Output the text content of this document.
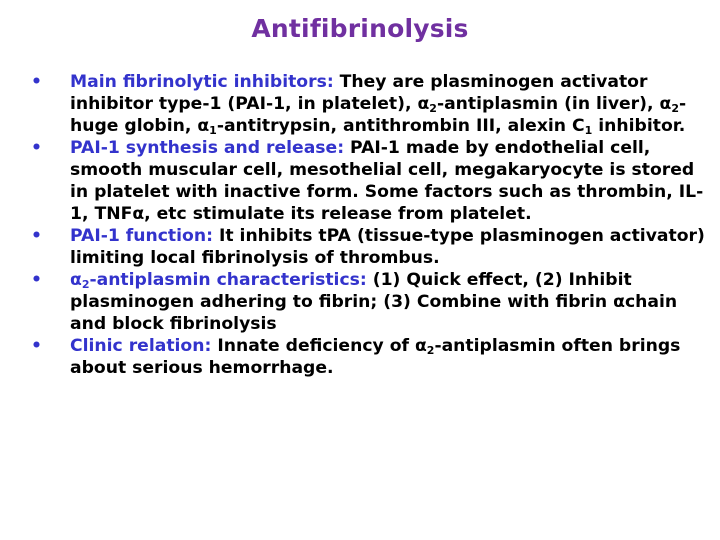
Antifibrinolysis
• Main fibrinolytic inhibitors: They are plasminogen activator inhibitor type-1 (PAI-1, in platelet), $\alpha_2$-antiplasmin (in liver), $\alpha_2$-huge globin, $\alpha_1$-antitrypsin, antithrombin III, alexin $C_1$ inhibitor.
• PAI-1 synthesis and release: PAI-1 made by endothelial cell, smooth muscular cell, mesothelial cell, megakaryocyte is stored in platelet with inactive form. Some factors such as thrombin, IL-1, TNFα, etc stimulate its release from platelet.
• PAI-1 function: It inhibits tPA (tissue-type plasminogen activator) limiting local fibrinolysis of thrombus.
• $\alpha_2$-antiplasmin characteristics: (1) Quick effect, (2) Inhibit plasminogen adhering to fibrin; (3) Combine with fibrin αchain and block fibrinolysis
• Clinic relation: Innate deficiency of $\alpha_2$-antiplasmin often brings about serious hemorrhage.
